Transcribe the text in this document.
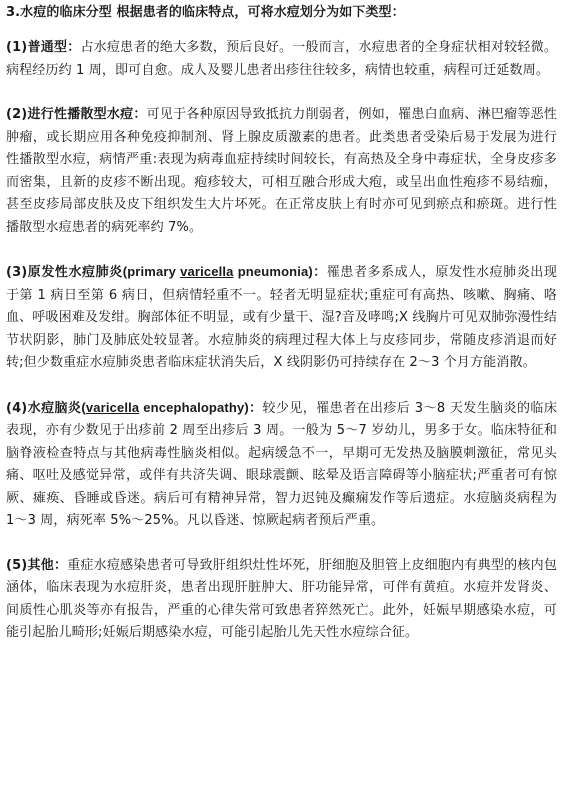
3.水痘的临床分型 根据患者的临床特点，可将水痘划分为如下类型：

(1)普通型：占水痘患者的绝大多数，预后良好。一般而言，水痘患者的全身症状相对较轻微。病程经历约 1 周，即可自愈。成人及婴儿患者出疹往往较多，病情也较重，病程可迁延数周。

(2)进行性播散型水痘：可见于各种原因导致抵抗力削弱者，例如，罹患白血病、淋巴瘤等恶性肿瘤，或长期应用各种免疫抑制剂、肾上腺皮质激素的患者。此类患者受染后易于发展为进行性播散型水痘，病情严重:表现为病毒血症持续时间较长，有高热及全身中毒症状，全身皮疹多而密集，且新的皮疹不断出现。疱疹较大，可相互融合形成大疱，或呈出血性疱疹不易结痂，甚至皮疹局部皮肤及皮下组织发生大片坏死。在正常皮肤上有时亦可见到瘀点和瘀斑。进行性播散型水痘患者的病死率约 7%。

(3)原发性水痘肺炎(primary varicella pneumonia)：罹患者多系成人，原发性水痘肺炎出现于第 1 病日至第 6 病日，但病情轻重不一。轻者无明显症状;重症可有高热、咳嗽、胸痛、咯血、呼吸困难及发绀。胸部体征不明显，或有少量干、湿?音及哮鸣;X 线胸片可见双肺弥漫性结节状阴影，肺门及肺底处较显著。水痘肺炎的病理过程大体上与皮疹同步，常随皮疹消退而好转;但少数重症水痘肺炎患者临床症状消失后，X 线阴影仍可持续存在 2～3 个月方能消散。

(4)水痘脑炎(varicella encephalopathy)：较少见，罹患者在出疹后 3～8 天发生脑炎的临床表现，亦有少数见于出疹前 2 周至出疹后 3 周。一般为 5～7 岁幼儿，男多于女。临床特征和脑脊液检查特点与其他病毒性脑炎相似。起病缓急不一，早期可无发热及脑膜刺激征，常见头痛、呕吐及感觉异常，或伴有共济失调、眼球震颤、眩晕及语言障碍等小脑症状;严重者可有惊厥、瘫痪、昏睡或昏迷。病后可有精神异常，智力迟钝及癫痫发作等后遗症。水痘脑炎病程为 1～3 周，病死率 5%～25%。凡以昏迷、惊厥起病者预后严重。

(5)其他：重症水痘感染患者可导致肝组织灶性坏死，肝细胞及胆管上皮细胞内有典型的核内包涵体，临床表现为水痘肝炎，患者出现肝脏肿大、肝功能异常，可伴有黄疸。水痘并发肾炎、间质性心肌炎等亦有报告，严重的心律失常可致患者猝然死亡。此外，妊娠早期感染水痘，可能引起胎儿畸形;妊娠后期感染水痘，可能引起胎儿先天性水痘综合征。
